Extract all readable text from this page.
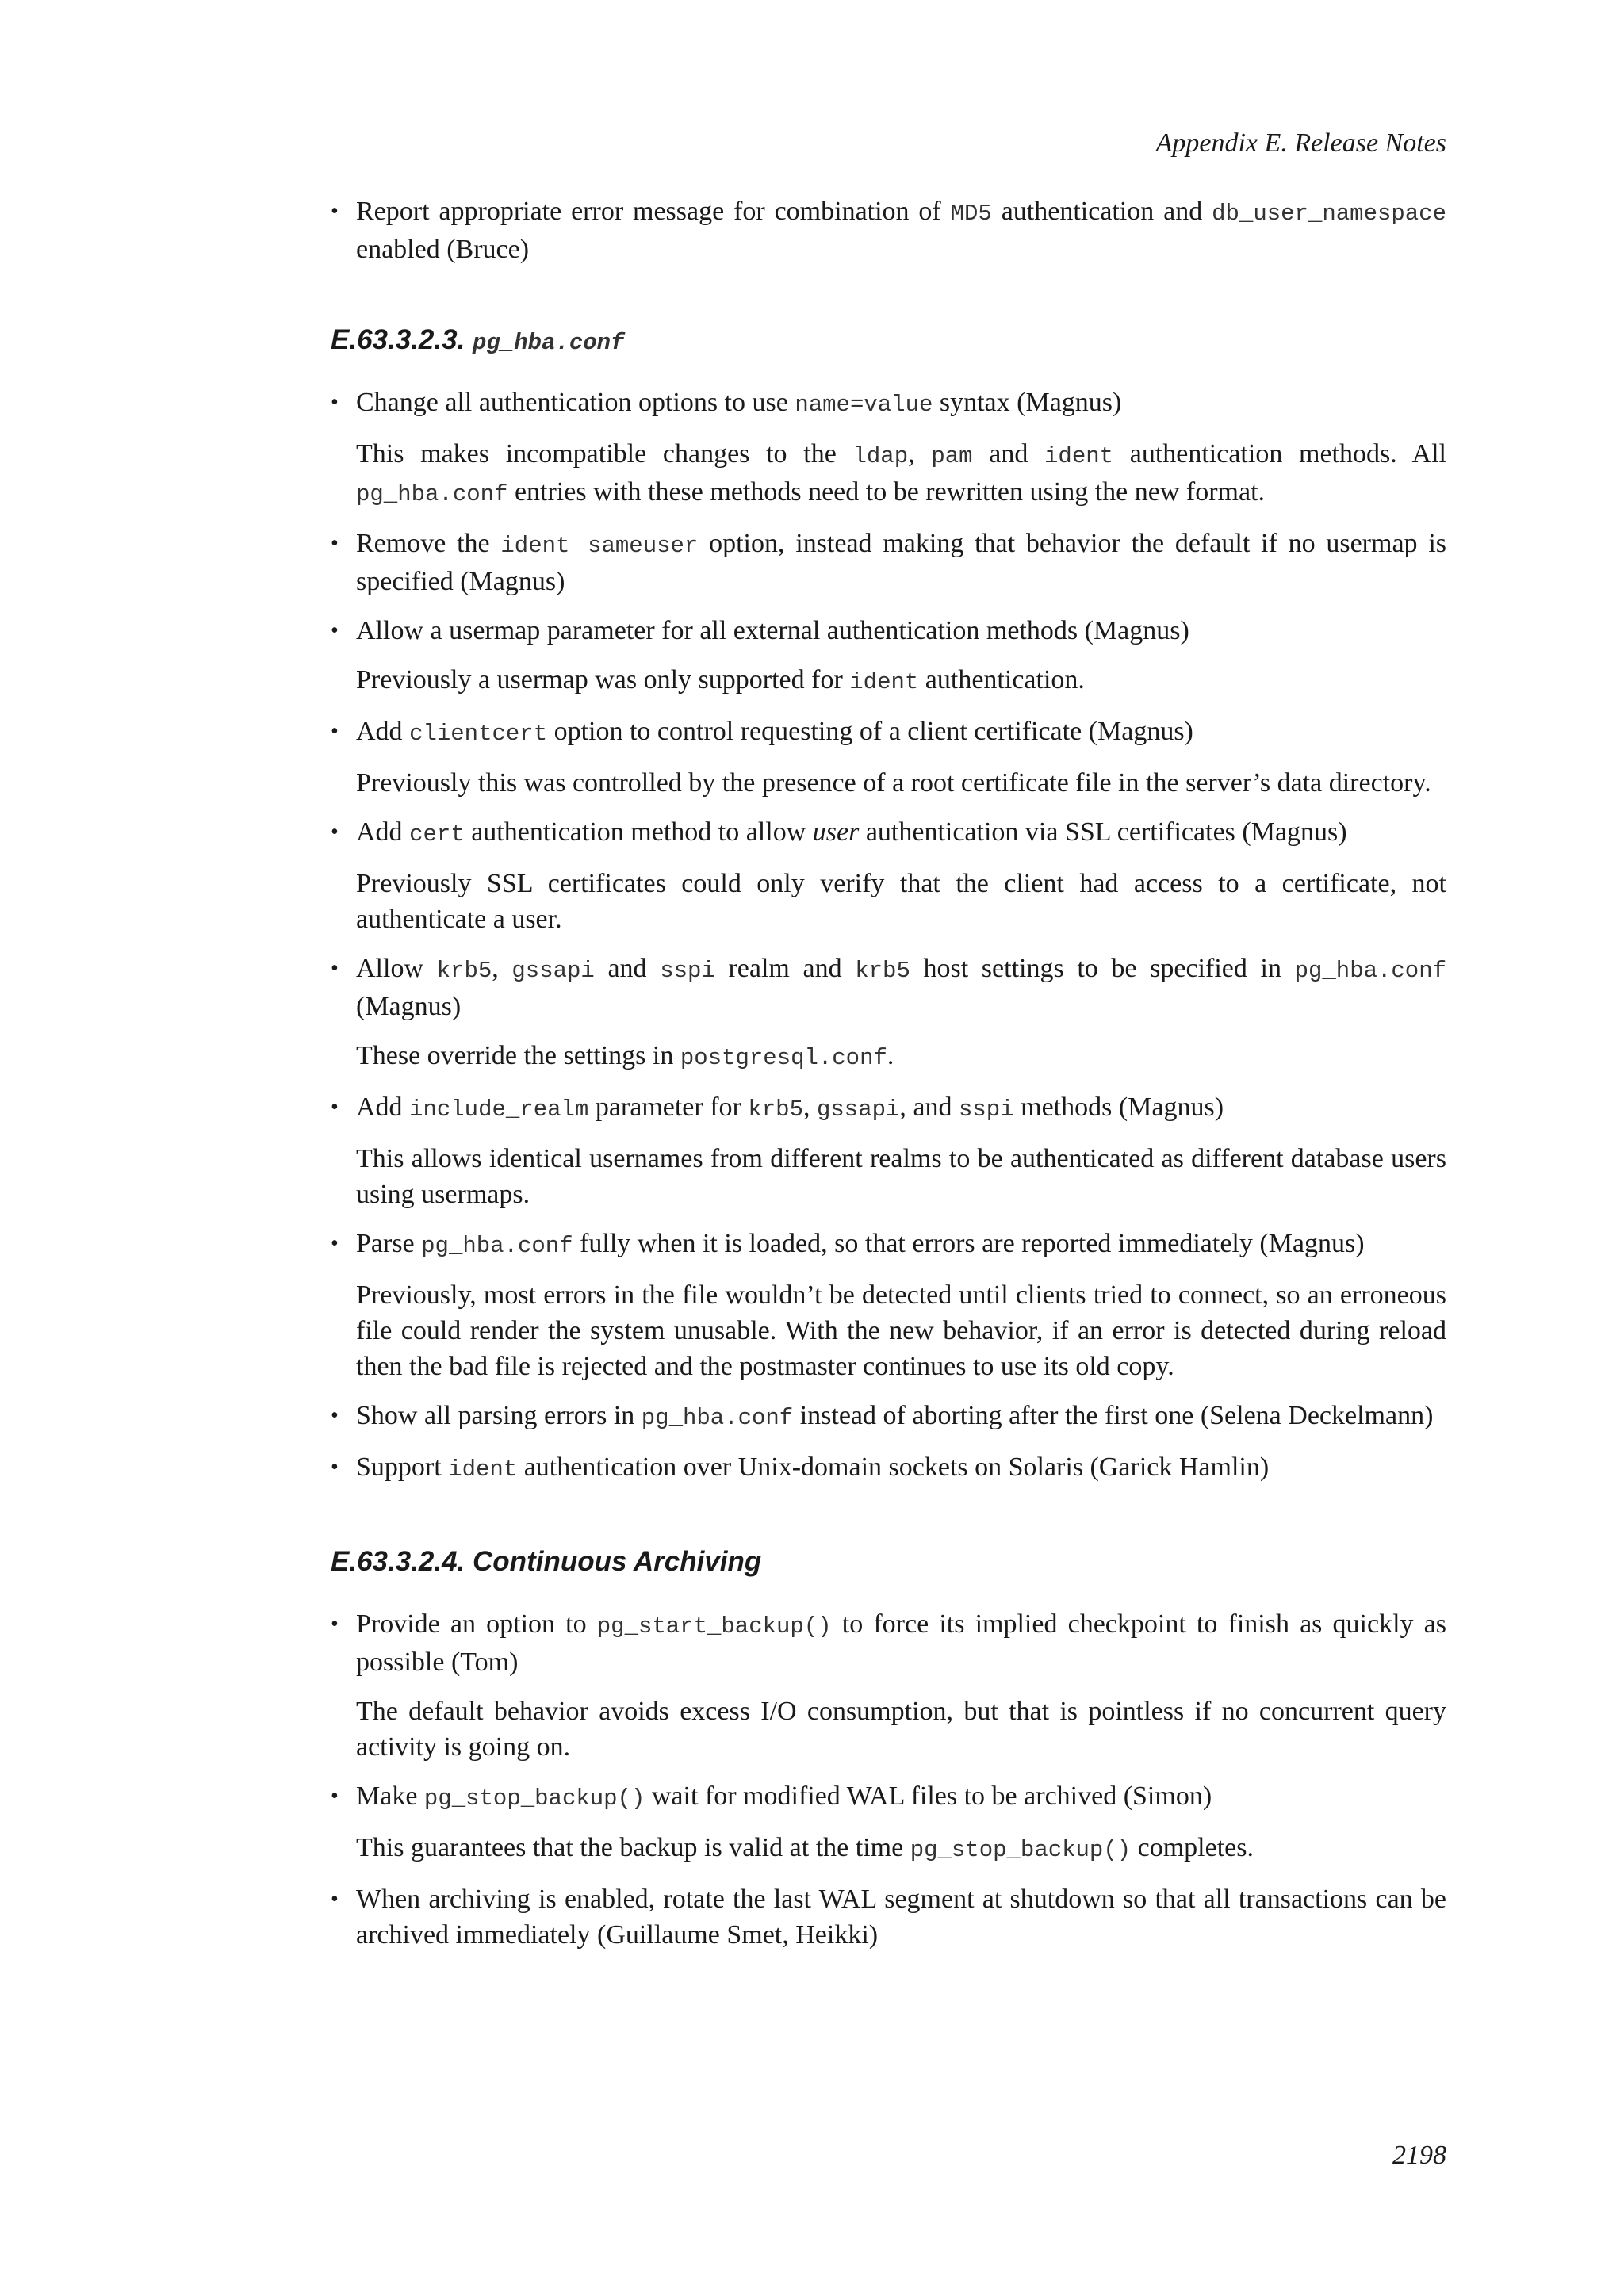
Appendix E. Release Notes

• Report appropriate error message for combination of MD5 authentication and db_user_namespace enabled (Bruce)

E.63.3.2.3. pg_hba.conf

• Change all authentication options to use name=value syntax (Magnus)

This makes incompatible changes to the ldap, pam and ident authentication methods. All pg_hba.conf entries with these methods need to be rewritten using the new format.

• Remove the ident sameuser option, instead making that behavior the default if no usermap is specified (Magnus)

• Allow a usermap parameter for all external authentication methods (Magnus)

Previously a usermap was only supported for ident authentication.

• Add clientcert option to control requesting of a client certificate (Magnus)

Previously this was controlled by the presence of a root certificate file in the server’s data directory.

• Add cert authentication method to allow user authentication via SSL certificates (Magnus)

Previously SSL certificates could only verify that the client had access to a certificate, not authenticate a user.

• Allow krb5, gssapi and sspi realm and krb5 host settings to be specified in pg_hba.conf (Magnus)

These override the settings in postgresql.conf.

• Add include_realm parameter for krb5, gssapi, and sspi methods (Magnus)

This allows identical usernames from different realms to be authenticated as different database users using usermaps.

• Parse pg_hba.conf fully when it is loaded, so that errors are reported immediately (Magnus)

Previously, most errors in the file wouldn’t be detected until clients tried to connect, so an erroneous file could render the system unusable. With the new behavior, if an error is detected during reload then the bad file is rejected and the postmaster continues to use its old copy.

• Show all parsing errors in pg_hba.conf instead of aborting after the first one (Selena Deckelmann)

• Support ident authentication over Unix-domain sockets on Solaris (Garick Hamlin)

E.63.3.2.4. Continuous Archiving

• Provide an option to pg_start_backup() to force its implied checkpoint to finish as quickly as possible (Tom)

The default behavior avoids excess I/O consumption, but that is pointless if no concurrent query activity is going on.

• Make pg_stop_backup() wait for modified WAL files to be archived (Simon)

This guarantees that the backup is valid at the time pg_stop_backup() completes.

• When archiving is enabled, rotate the last WAL segment at shutdown so that all transactions can be archived immediately (Guillaume Smet, Heikki)

2198
